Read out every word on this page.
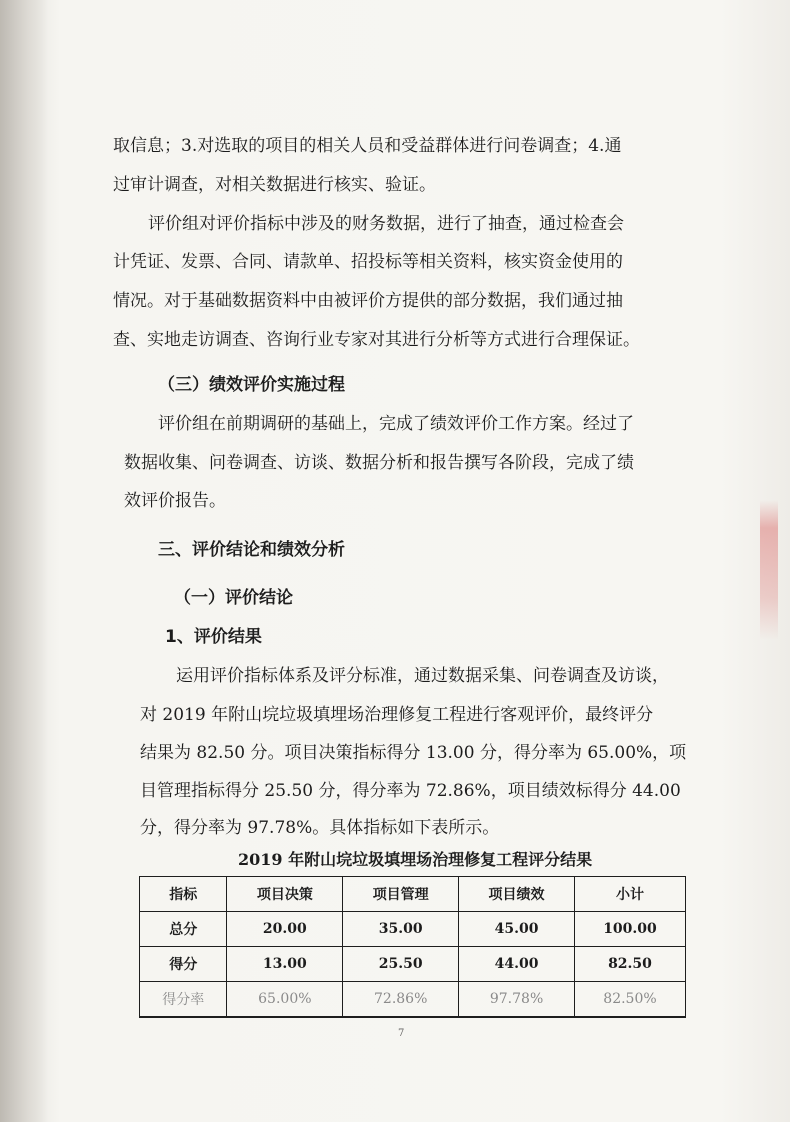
取信息；3.对选取的项目的相关人员和受益群体进行问卷调查；4.通
过审计调查，对相关数据进行核实、验证。
评价组对评价指标中涉及的财务数据，进行了抽查，通过检查会
计凭证、发票、合同、请款单、招投标等相关资料，核实资金使用的
情况。对于基础数据资料中由被评价方提供的部分数据，我们通过抽
查、实地走访调查、咨询行业专家对其进行分析等方式进行合理保证。
（三）绩效评价实施过程
评价组在前期调研的基础上，完成了绩效评价工作方案。经过了
数据收集、问卷调查、访谈、数据分析和报告撰写各阶段，完成了绩
效评价报告。
三、评价结论和绩效分析
（一）评价结论
1、评价结果
运用评价指标体系及评分标准，通过数据采集、问卷调查及访谈，
对 2019 年附山垸垃圾填埋场治理修复工程进行客观评价，最终评分
结果为 82.50 分。项目决策指标得分 13.00 分，得分率为 65.00%，项
目管理指标得分 25.50 分，得分率为 72.86%，项目绩效标得分 44.00
分，得分率为 97.78%。具体指标如下表所示。
2019 年附山垸垃圾填埋场治理修复工程评分结果
指标	项目决策	项目管理	项目绩效	小计
总分	20.00	35.00	45.00	100.00
得分	13.00	25.50	44.00	82.50
得分率	65.00%	72.86%	97.78%	82.50%
7
